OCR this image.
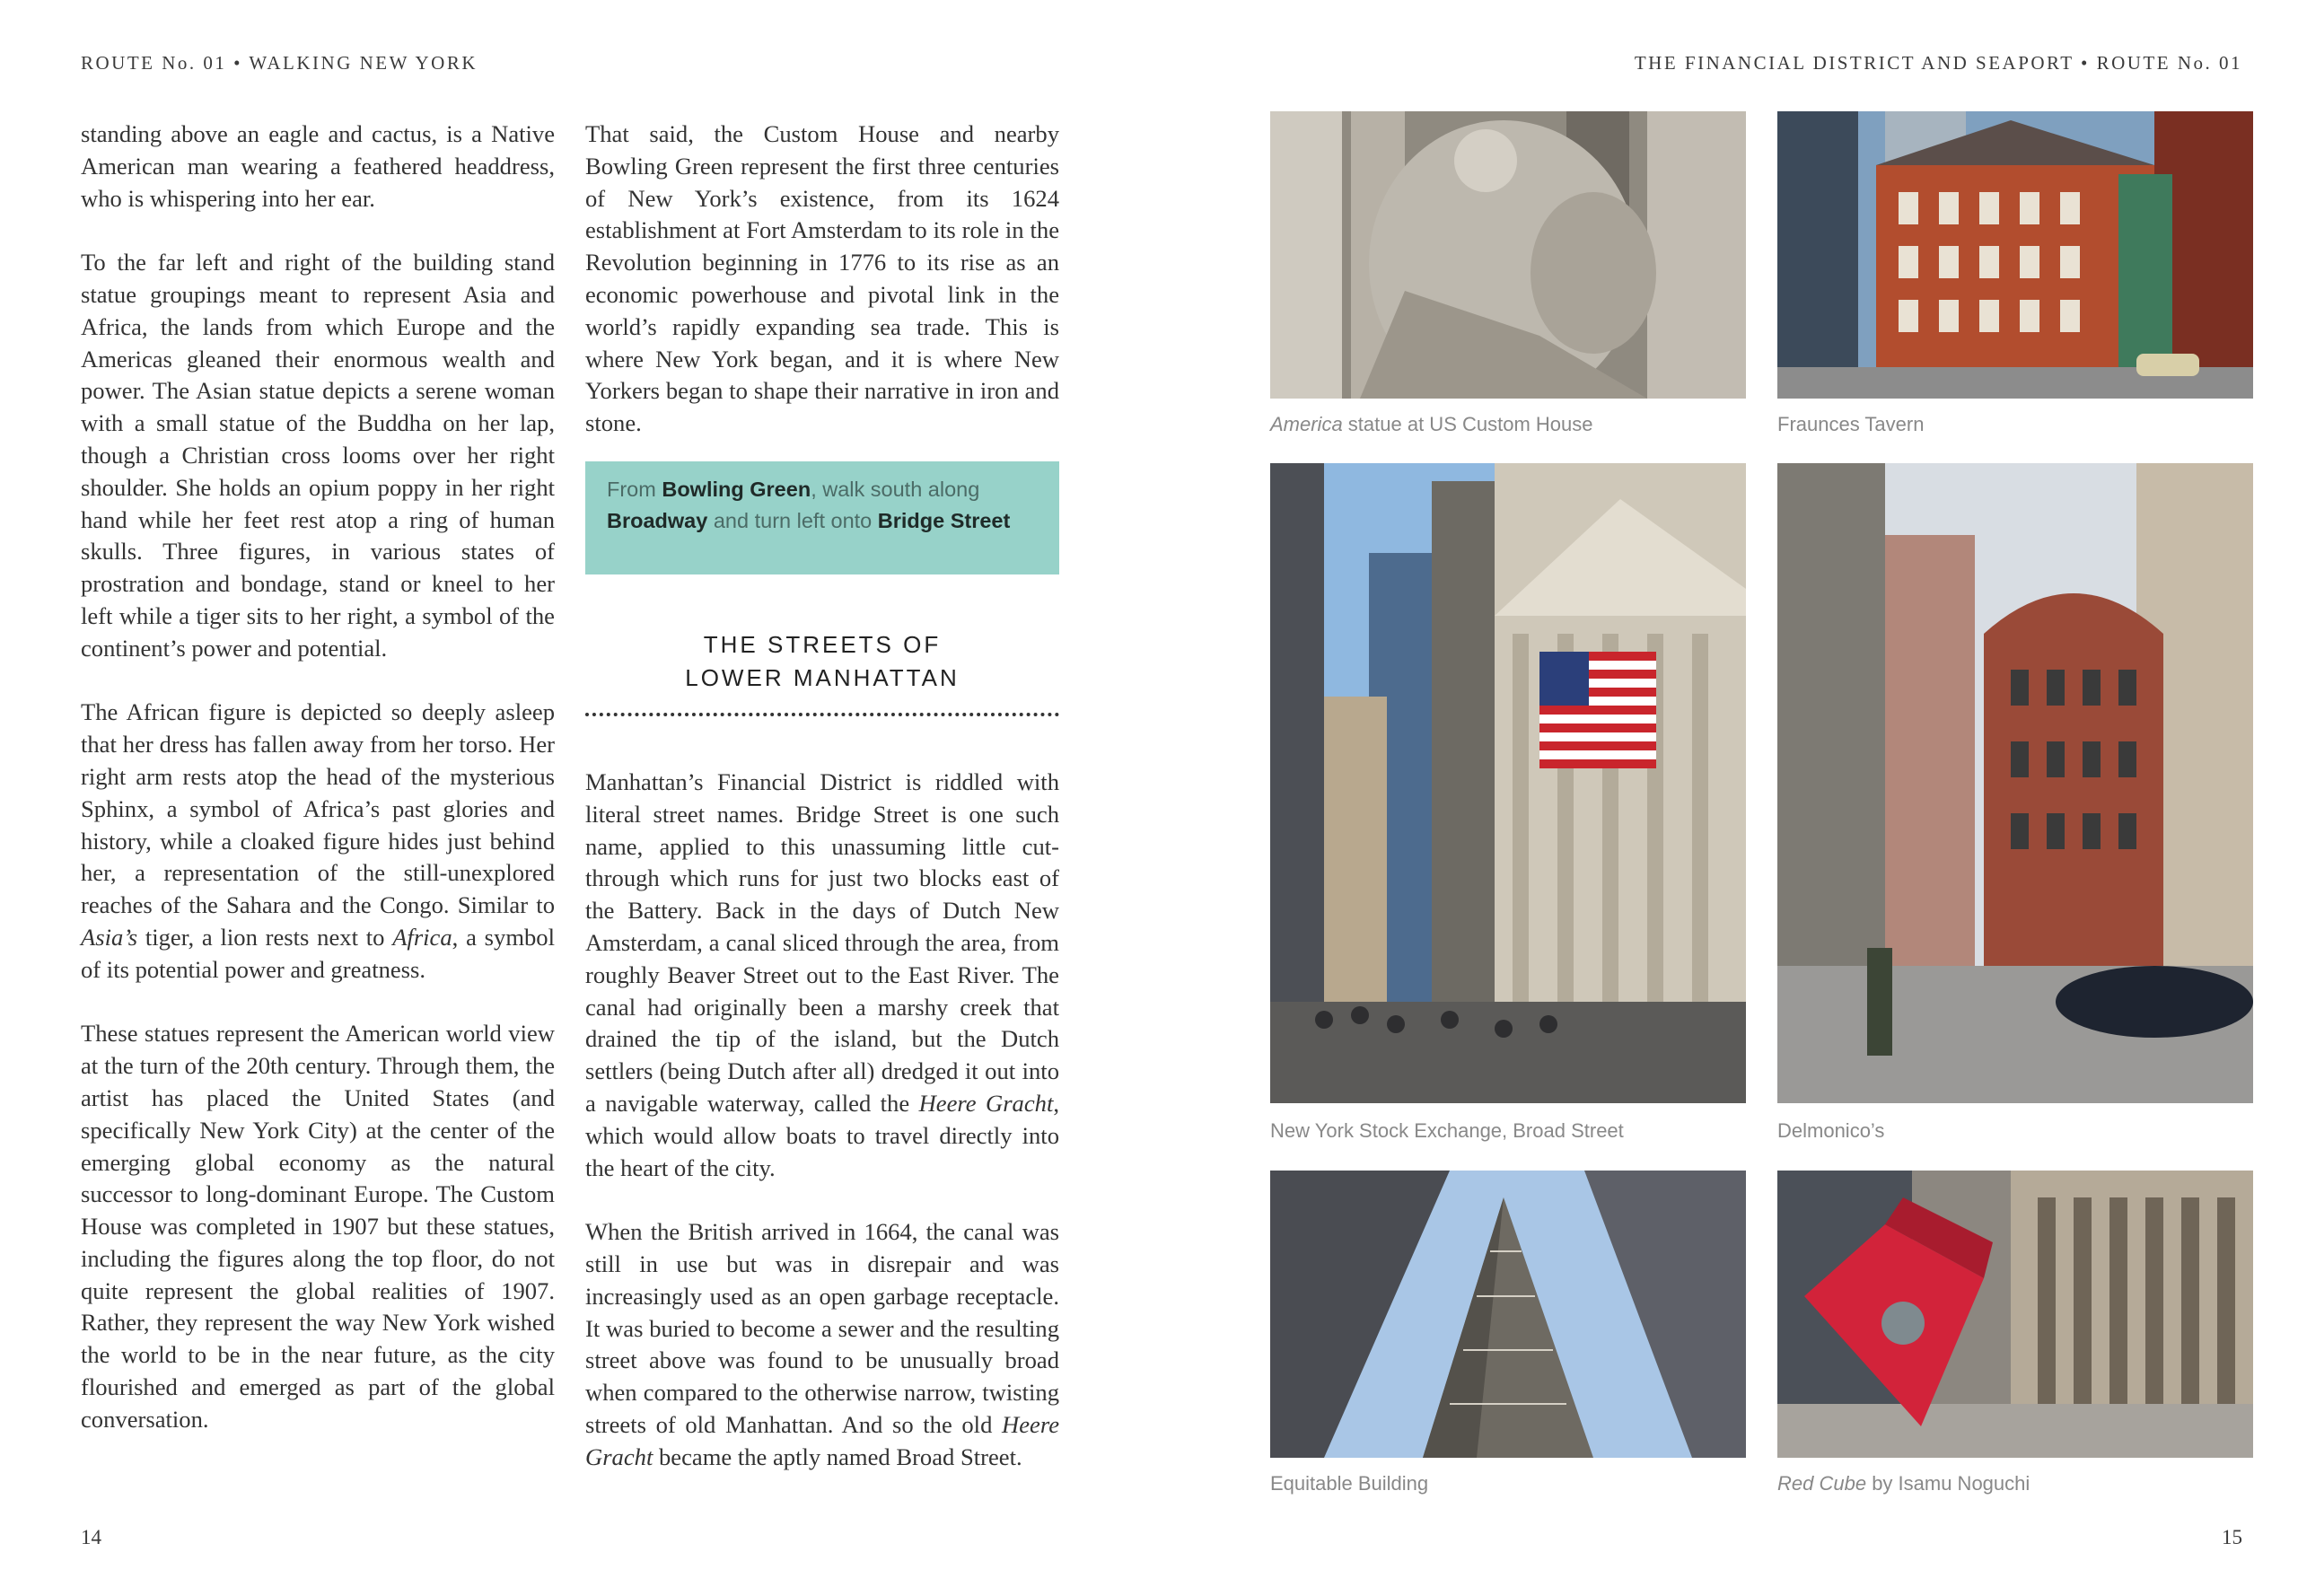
ROUTE No. 01 • WALKING NEW YORK	THE FINANCIAL DISTRICT AND SEAPORT • ROUTE No. 01

standing above an eagle and cactus, is a Native American man wearing a feathered headdress, who is whispering into her ear.

To the far left and right of the building stand statue groupings meant to represent Asia and Africa, the lands from which Europe and the Americas gleaned their enormous wealth and power. The Asian statue depicts a serene woman with a small statue of the Buddha on her lap, though a Christian cross looms over her right shoulder. She holds an opium poppy in her right hand while her feet rest atop a ring of human skulls. Three figures, in various states of prostration and bondage, stand or kneel to her left while a tiger sits to her right, a symbol of the continent’s power and potential.

The African figure is depicted so deeply asleep that her dress has fallen away from her torso. Her right arm rests atop the head of the mysterious Sphinx, a symbol of Africa’s past glories and history, while a cloaked figure hides just behind her, a representation of the still-unexplored reaches of the Sahara and the Congo. Similar to Asia’s tiger, a lion rests next to Africa, a symbol of its potential power and greatness.

These statues represent the American world view at the turn of the 20th century. Through them, the artist has placed the United States (and specifically New York City) at the center of the emerging global economy as the natural successor to long-dominant Europe. The Custom House was completed in 1907 but these statues, including the figures along the top floor, do not quite represent the global realities of 1907. Rather, they represent the way New York wished the world to be in the near future, as the city flourished and emerged as part of the global conversation.

That said, the Custom House and nearby Bowling Green represent the first three centuries of New York’s existence, from its 1624 establishment at Fort Amsterdam to its role in the Revolution beginning in 1776 to its rise as an economic powerhouse and pivotal link in the world’s rapidly expanding sea trade. This is where New York began, and it is where New Yorkers began to shape their narrative in iron and stone.

Manhattan’s Financial District is riddled with literal street names. Bridge Street is one such name, applied to this unassuming little cut-through which runs for just two blocks east of the Battery. Back in the days of Dutch New Amsterdam, a canal sliced through the area, from roughly Beaver Street out to the East River. The canal had originally been a marshy creek that drained the tip of the island, but the Dutch settlers (being Dutch after all) dredged it out into a navigable waterway, called the Heere Gracht, which would allow boats to travel directly into the heart of the city.

When the British arrived in 1664, the canal was still in use but was in disrepair and was increasingly used as an open garbage receptacle. It was buried to become a sewer and the resulting street above was found to be unusually broad when compared to the otherwise narrow, twisting streets of old Manhattan. And so the old Heere Gracht became the aptly named Broad Street.

From Bowling Green, walk south along Broadway and turn left onto Bridge Street
THE STREETS OF
LOWER MANHATTAN
America statue at US Custom House	Fraunces Tavern
New York Stock Exchange, Broad Street	Delmonico’s
Equitable Building	Red Cube by Isamu Noguchi
14	15
